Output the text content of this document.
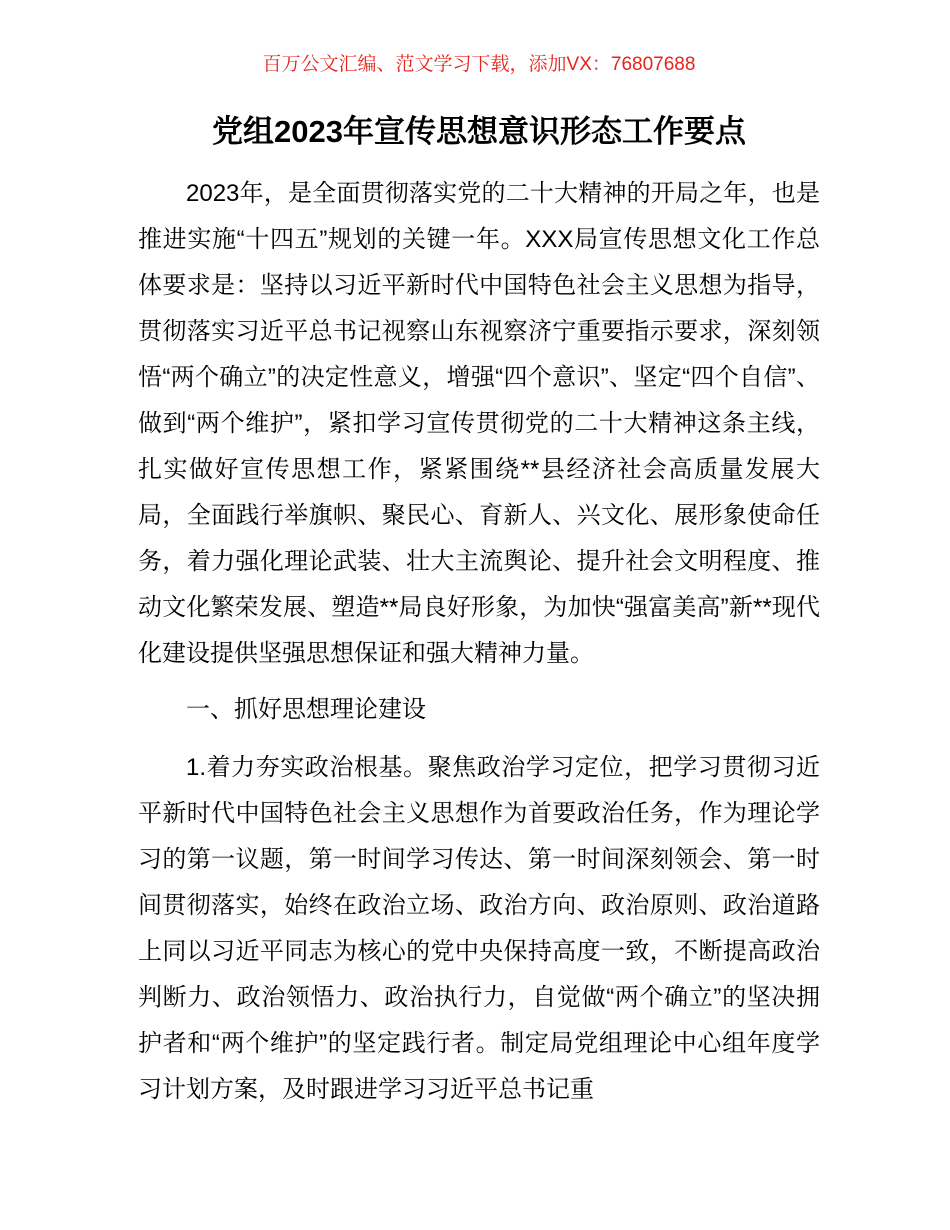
百万公文汇编、范文学习下载，添加VX：76807688
党组2023年宣传思想意识形态工作要点

2023年，是全面贯彻落实党的二十大精神的开局之年，也是推进实施“十四五”规划的关键一年。XXX局宣传思想文化工作总体要求是：坚持以习近平新时代中国特色社会主义思想为指导，贯彻落实习近平总书记视察山东视察济宁重要指示要求，深刻领悟“两个确立”的决定性意义，增强“四个意识”、坚定“四个自信”、做到“两个维护”，紧扣学习宣传贯彻党的二十大精神这条主线，扎实做好宣传思想工作，紧紧围绕**县经济社会高质量发展大局，全面践行举旗帜、聚民心、育新人、兴文化、展形象使命任务，着力强化理论武装、壮大主流舆论、提升社会文明程度、推动文化繁荣发展、塑造**局良好形象，为加快“强富美高”新**现代化建设提供坚强思想保证和强大精神力量。

一、抓好思想理论建设

1.着力夯实政治根基。聚焦政治学习定位，把学习贯彻习近平新时代中国特色社会主义思想作为首要政治任务，作为理论学习的第一议题，第一时间学习传达、第一时间深刻领会、第一时间贯彻落实，始终在政治立场、政治方向、政治原则、政治道路上同以习近平同志为核心的党中央保持高度一致，不断提高政治判断力、政治领悟力、政治执行力，自觉做“两个确立”的坚决拥护者和“两个维护”的坚定践行者。制定局党组理论中心组年度学习计划方案，及时跟进学习习近平总书记重
